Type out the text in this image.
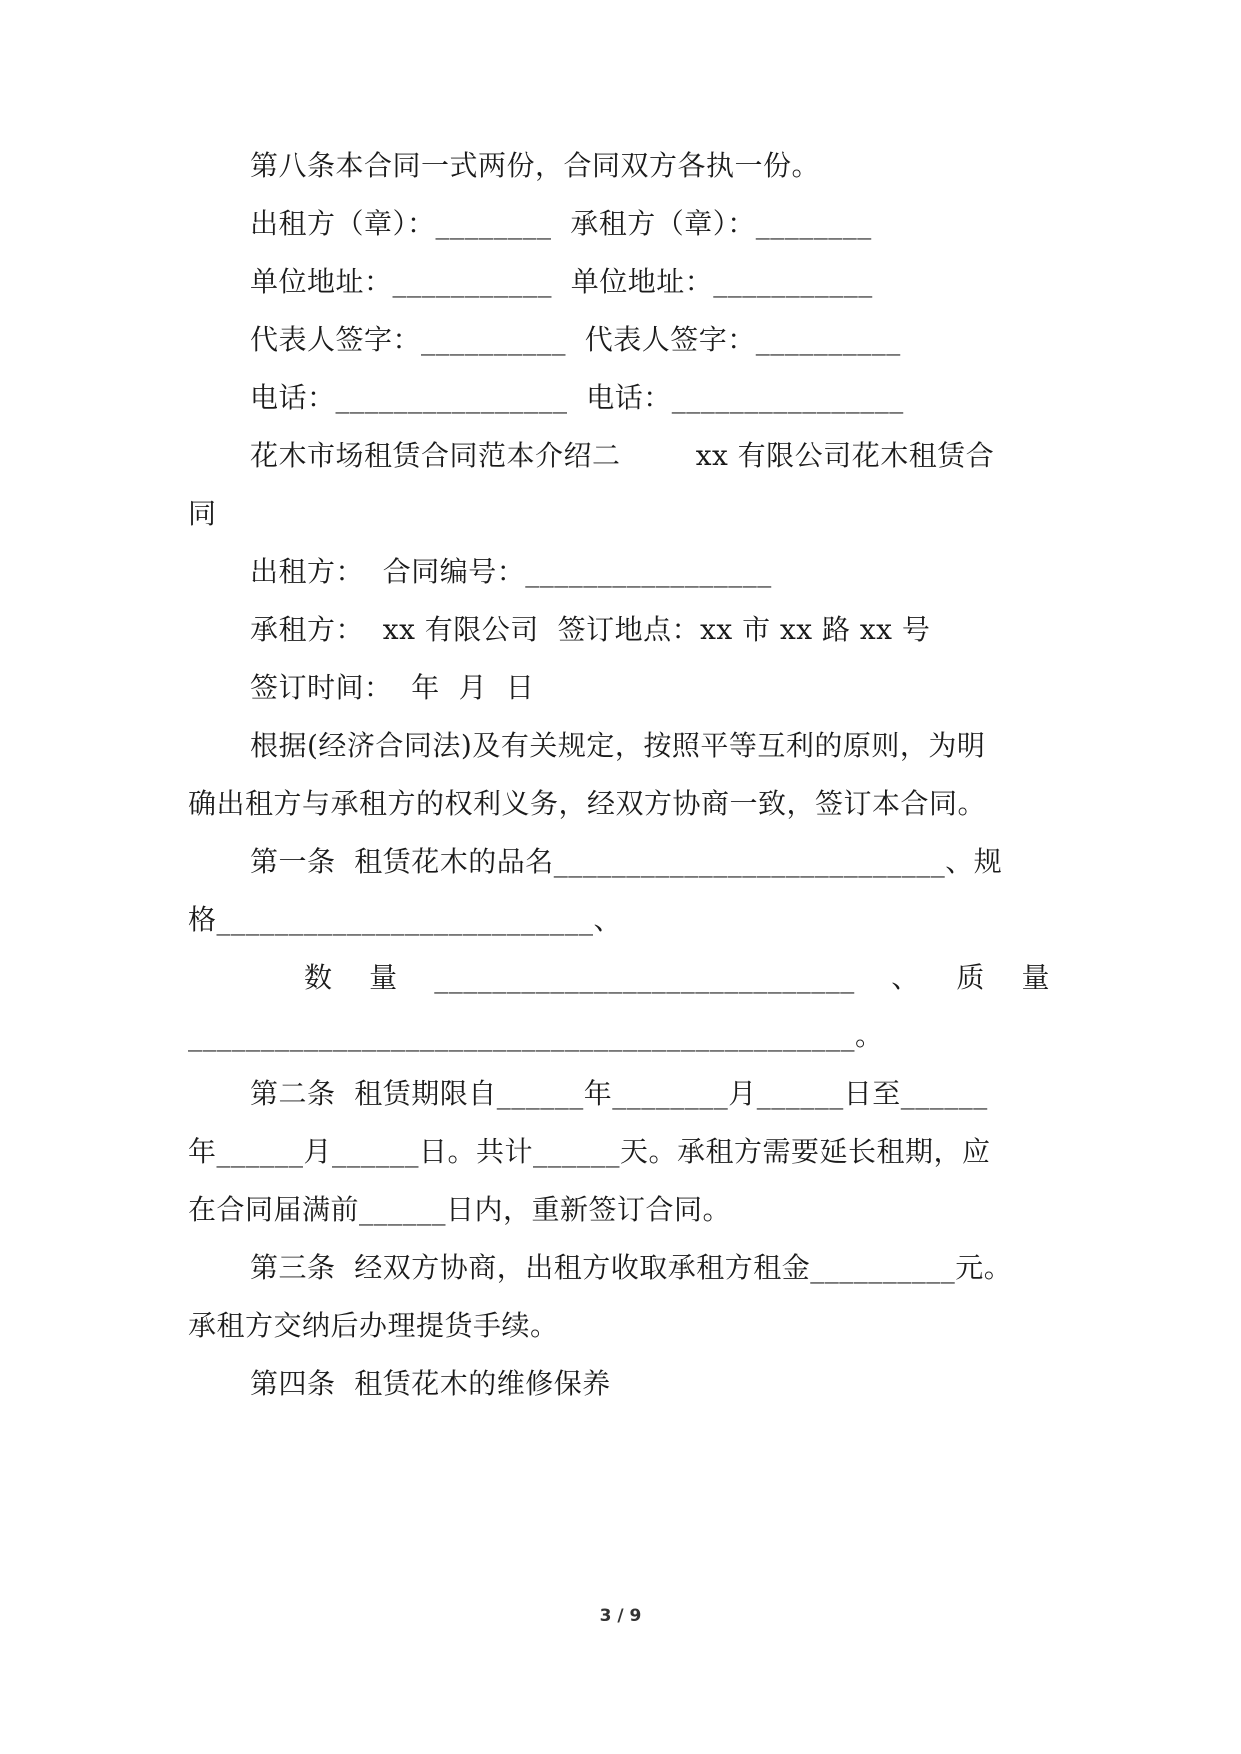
第八条本合同一式两份，合同双方各执一份。
出租方（章）：________  承租方（章）：________
单位地址：___________  单位地址：___________
代表人签字：__________  代表人签字：__________
电话：________________  电话：________________
花木市场租赁合同范本介绍二        xx 有限公司花木租赁合
同
出租方：  合同编号：_________________
承租方：  xx 有限公司  签订地点：xx 市 xx 路 xx 号
签订时间：  年  月  日
根据(经济合同法)及有关规定，按照平等互利的原则，为明
确出租方与承租方的权利义务，经双方协商一致，签订本合同。
第一条  租赁花木的品名___________________________、规
格__________________________、
数 量 _____________________________ 、 质 量
______________________________________________。
第二条  租赁期限自______年________月______日至______
年______月______日。共计______天。承租方需要延长租期，应
在合同届满前______日内，重新签订合同。
第三条  经双方协商，出租方收取承租方租金__________元。
承租方交纳后办理提货手续。
第四条  租赁花木的维修保养
3 / 9
